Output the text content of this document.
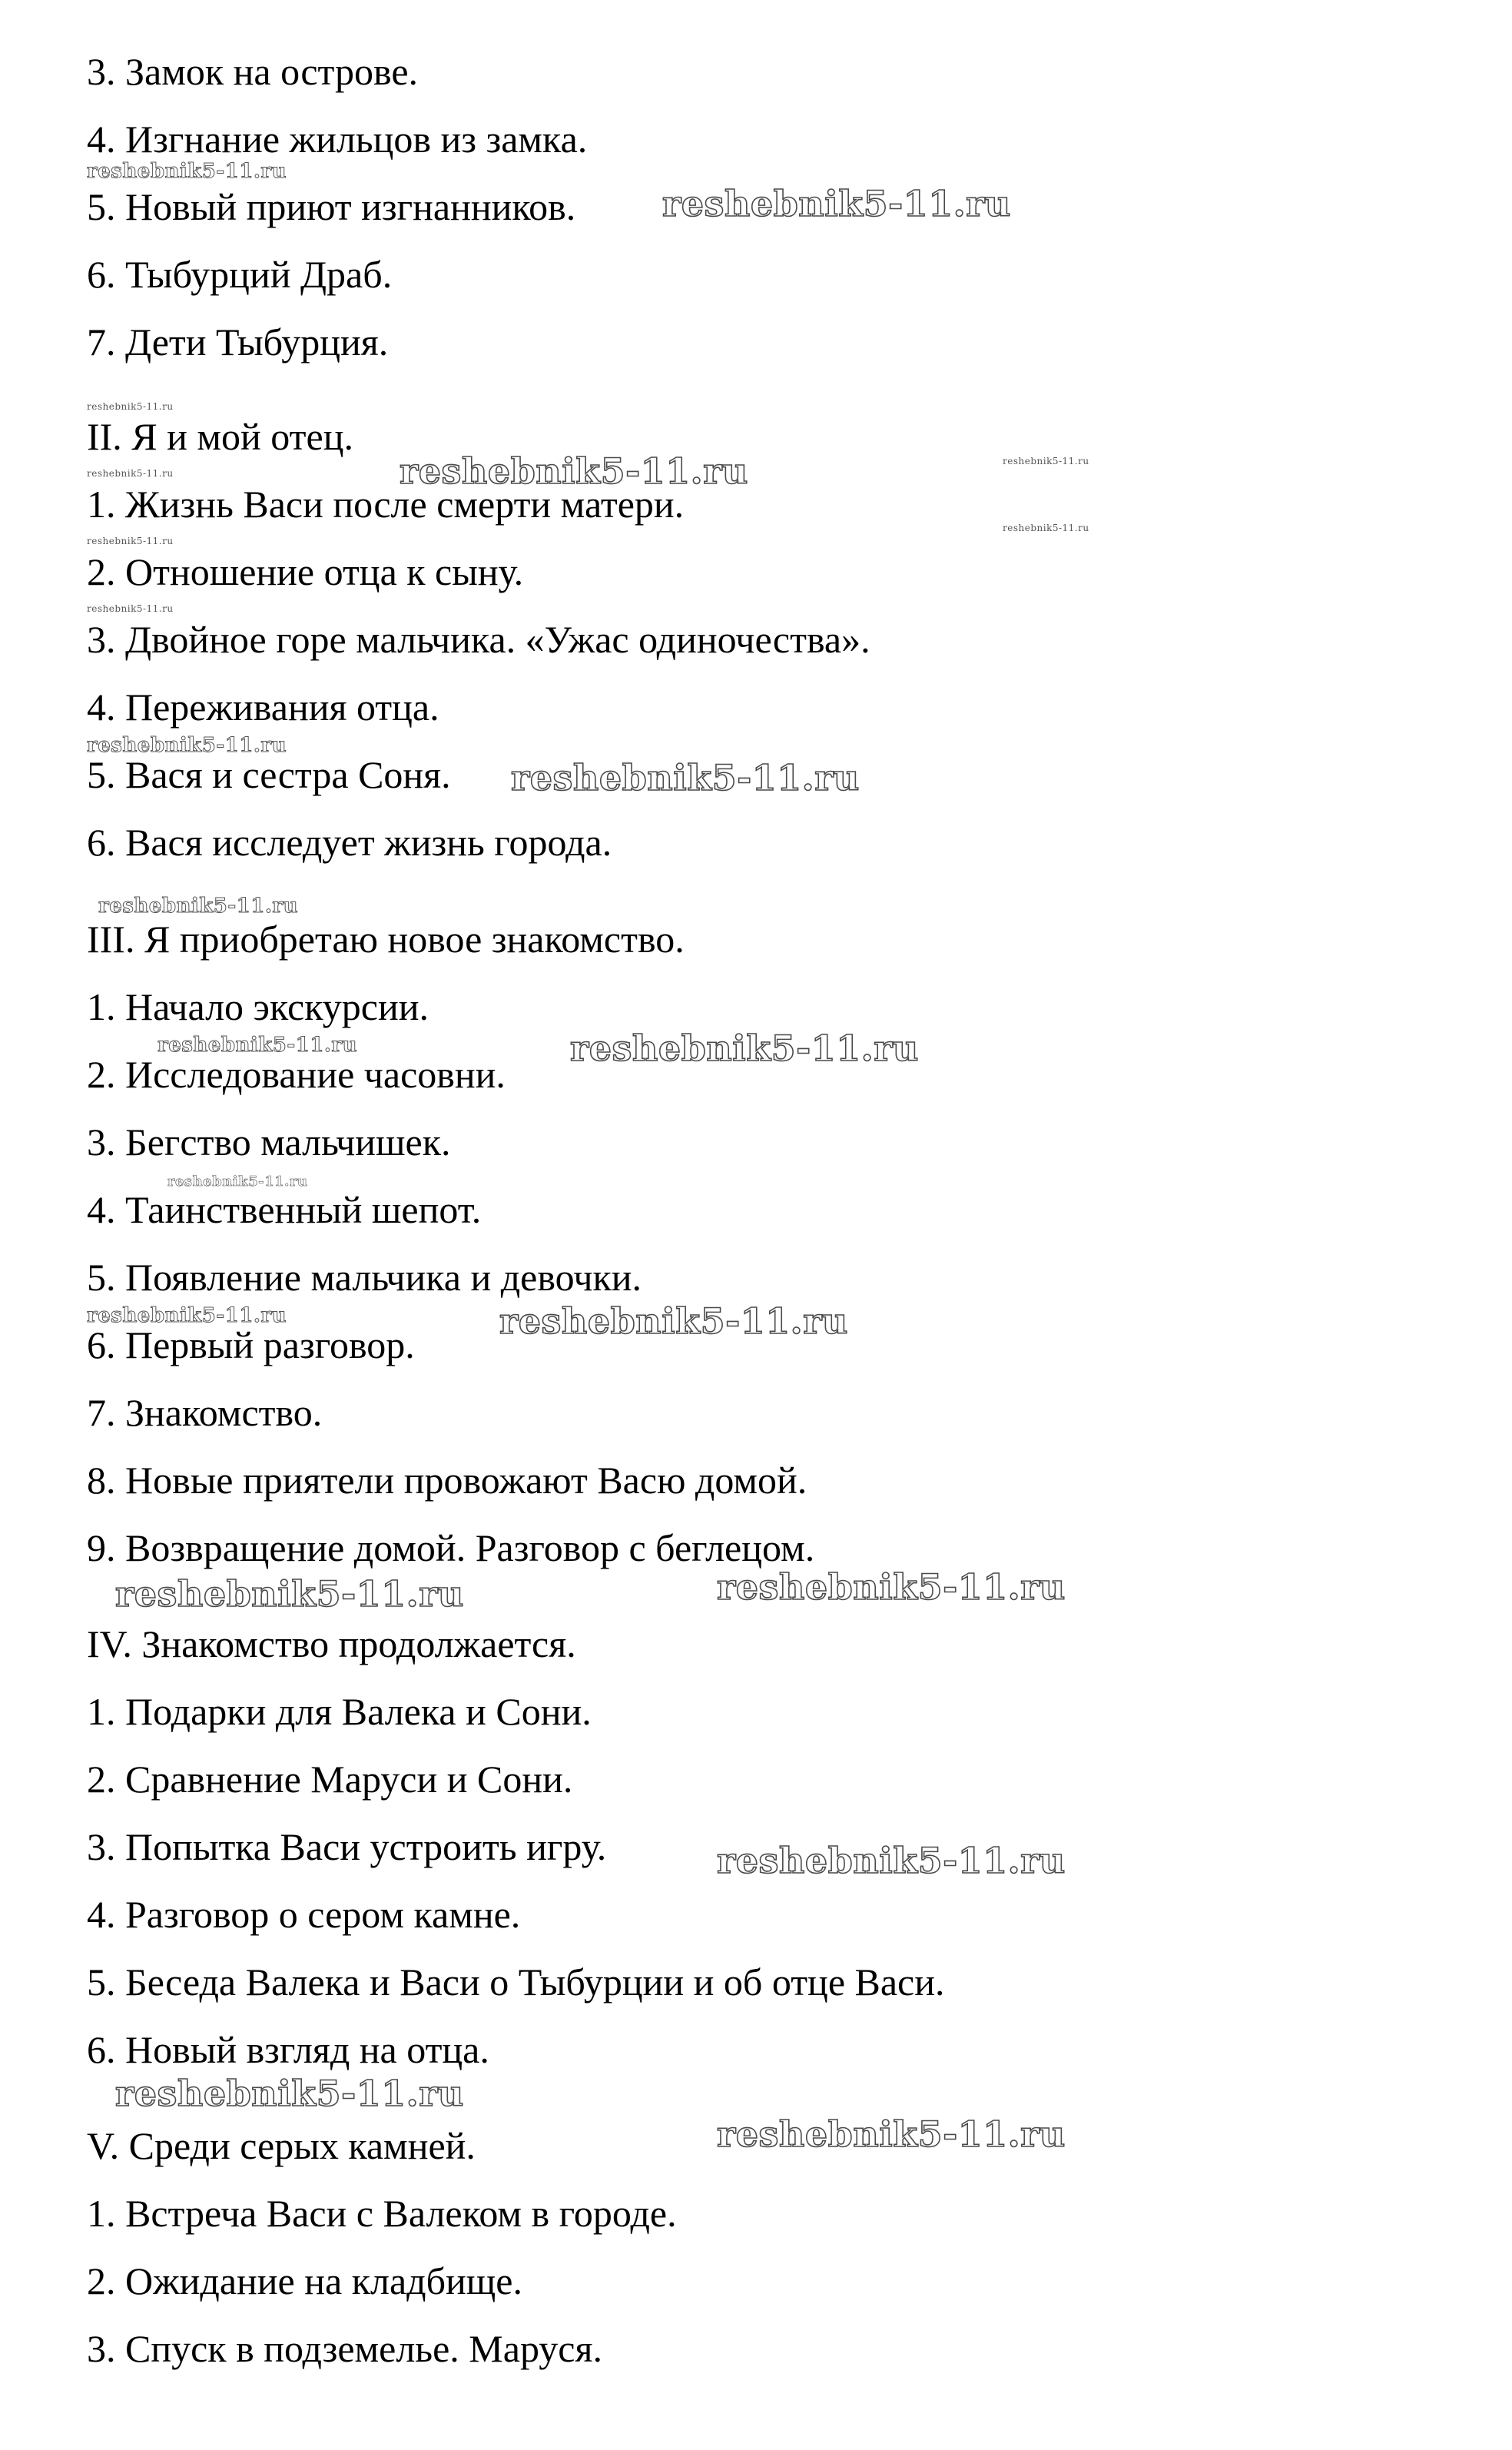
3. Замок на острове.
4. Изгнание жильцов из замка.
5. Новый приют изгнанников.
6. Тыбурций Драб.
7. Дети Тыбурция.
II. Я и мой отец.
1. Жизнь Васи после смерти матери.
2. Отношение отца к сыну.
3. Двойное горе мальчика. «Ужас одиночества».
4. Переживания отца.
5. Вася и сестра Соня.
6. Вася исследует жизнь города.
III. Я приобретаю новое знакомство.
1. Начало экскурсии.
2. Исследование часовни.
3. Бегство мальчишек.
4. Таинственный шепот.
5. Появление мальчика и девочки.
6. Первый разговор.
7. Знакомство.
8. Новые приятели провожают Васю домой.
9. Возвращение домой. Разговор с беглецом.
IV. Знакомство продолжается.
1. Подарки для Валека и Сони.
2. Сравнение Маруси и Сони.
3. Попытка Васи устроить игру.
4. Разговор о сером камне.
5. Беседа Валека и Васи о Тыбурции и об отце Васи.
6. Новый взгляд на отца.
V. Среди серых камней.
1. Встреча Васи с Валеком в городе.
2. Ожидание на кладбище.
3. Спуск в подземелье. Маруся.
reshebnik5-11.ru
reshebnik5-11.ru
reshebnik5-11.ru
reshebnik5-11.ru	reshebnik5-11.ru
reshebnik5-11.ru
reshebnik5-11.ru
reshebnik5-11.ru
reshebnik5-11.ru
reshebnik5-11.ru
reshebnik5-11.ru
reshebnik5-11.ru
reshebnik5-11.ru	reshebnik5-11.ru
reshebnik5-11.ru
reshebnik5-11.ru	reshebnik5-11.ru
reshebnik5-11.ru	reshebnik5-11.ru
reshebnik5-11.ru
reshebnik5-11.ru
reshebnik5-11.ru
